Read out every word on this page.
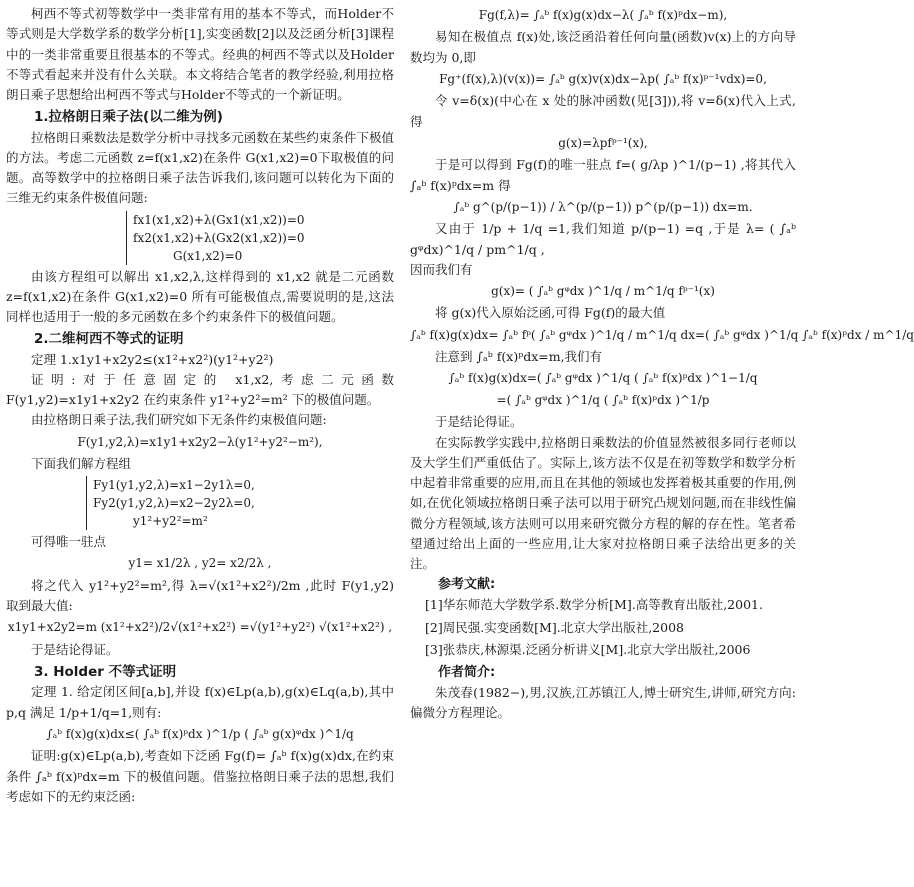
柯西不等式初等数学中一类非常有用的基本不等式，而Holder不等式则是大学数学系的数学分析[1],实变函数[2]以及泛函分析[3]课程中的一类非常重要且很基本的不等式。经典的柯西不等式以及Holder不等式看起来并没有什么关联。本文将结合笔者的教学经验,利用拉格朗日乘子思想给出柯西不等式与Holder不等式的一个新证明。

1.拉格朗日乘子法(以二维为例)

拉格朗日乘数法是数学分析中寻找多元函数在某些约束条件下极值的方法。考虑二元函数 z=f(x1,x2)在条件 G(x1,x2)=0下取极值的问题。高等数学中的拉格朗日乘子法告诉我们,该问题可以转化为下面的三维无约束条件极值问题:

fx1(x1,x2)+λ(Gx1(x1,x2))=0
fx2(x1,x2)+λ(Gx2(x1,x2))=0
G(x1,x2)=0

由该方程组可以解出 x1,x2,λ,这样得到的 x1,x2 就是二元函数 z=f(x1,x2)在条件 G(x1,x2)=0 所有可能极值点,需要说明的是,这法同样也适用于一般的多元函数在多个约束条件下的极值问题。

2.二维柯西不等式的证明

定理 1.x1y1+x2y2≤(x1²+x2²)(y1²+y2²)

证明:对于任意固定的 x1,x2,考虑二元函数 F(y1,y2)=x1y1+x2y2 在约束条件 y1²+y2²=m² 下的极值问题。

由拉格朗日乘子法,我们研究如下无条件约束极值问题:

F(y1,y2,λ)=x1y1+x2y2−λ(y1²+y2²−m²),

下面我们解方程组

Fy1(y1,y2,λ)=x1−2y1λ=0,
Fy2(y1,y2,λ)=x2−2y2λ=0,
y1²+y2²=m²

可得唯一驻点

y1= x1/2λ , y2= x2/2λ ,

将之代入 y1²+y2²=m²,得 λ=√(x1²+x2²)/2m ,此时 F(y1,y2)取到最大值:

x1y1+x2y2=m (x1²+x2²)/2√(x1²+x2²) =√(y1²+y2²) √(x1²+x2²) ,

于是结论得证。

3. Holder 不等式证明

定理 1. 给定闭区间[a,b],并设 f(x)∈Lp(a,b),g(x)∈Lq(a,b),其中 p,q 满足 1/p+1/q=1,则有:

∫ₐᵇ f(x)g(x)dx≤( ∫ₐᵇ f(x)ᵖdx )^1/p ( ∫ₐᵇ g(x)ᵠdx )^1/q

证明:g(x)∈Lp(a,b),考查如下泛函 Fg(f)= ∫ₐᵇ f(x)g(x)dx,在约束条件 ∫ₐᵇ f(x)ᵖdx=m 下的极值问题。借鉴拉格朗日乘子法的思想,我们考虑如下的无约束泛函:

Fg(f,λ)= ∫ₐᵇ f(x)g(x)dx−λ( ∫ₐᵇ f(x)ᵖdx−m),

易知在极值点 f(x)处,该泛函沿着任何向量(函数)v(x)上的方向导数均为 0,即

Fg⁺(f(x),λ)(v(x))= ∫ₐᵇ g(x)v(x)dx−λp( ∫ₐᵇ f(x)ᵖ⁻¹vdx)=0,

令 v=δ(x)(中心在 x 处的脉冲函数(见[3])),将 v=δ(x)代入上式,得

g(x)=λpfᵖ⁻¹(x),

于是可以得到 Fg(f)的唯一驻点 f=( g/λp )^1/(p−1) ,将其代入 ∫ₐᵇ f(x)ᵖdx=m 得

∫ₐᵇ g^(p/(p−1)) / λ^(p/(p−1)) p^(p/(p−1)) dx=m.

又由于 1/p + 1/q =1,我们知道 p/(p−1) =q ,于是 λ= ( ∫ₐᵇ gᵠdx)^1/q / pm^1/q ,

因而我们有

g(x)= ( ∫ₐᵇ gᵠdx )^1/q / m^1/q fᵖ⁻¹(x)

将 g(x)代入原始泛函,可得 Fg(f)的最大值

∫ₐᵇ f(x)g(x)dx= ∫ₐᵇ fᵖ( ∫ₐᵇ gᵠdx )^1/q / m^1/q dx=( ∫ₐᵇ gᵠdx )^1/q ∫ₐᵇ f(x)ᵖdx / m^1/q

注意到 ∫ₐᵇ f(x)ᵖdx=m,我们有

∫ₐᵇ f(x)g(x)dx=( ∫ₐᵇ gᵠdx )^1/q ( ∫ₐᵇ f(x)ᵖdx )^1−1/q
=( ∫ₐᵇ gᵠdx )^1/q ( ∫ₐᵇ f(x)ᵖdx )^1/p

于是结论得证。

在实际教学实践中,拉格朗日乘数法的价值显然被很多同行老师以及大学生们严重低估了。实际上,该方法不仅是在初等数学和数学分析中起着非常重要的应用,而且在其他的领域也发挥着极其重要的作用,例如,在优化领域拉格朗日乘子法可以用于研究凸规划问题,而在非线性偏微分方程领域,该方法则可以用来研究微分方程的解的存在性。笔者希望通过给出上面的一些应用,让大家对拉格朗日乘子法给出更多的关注。

参考文献:

[1]华东师范大学数学系.数学分析[M].高等教育出版社,2001.

[2]周民强.实变函数[M].北京大学出版社,2008

[3]张恭庆,林源渠.泛函分析讲义[M].北京大学出版社,2006

作者简介:

朱茂春(1982−),男,汉族,江苏镇江人,博士研究生,讲师,研究方向:偏微分方程理论。
